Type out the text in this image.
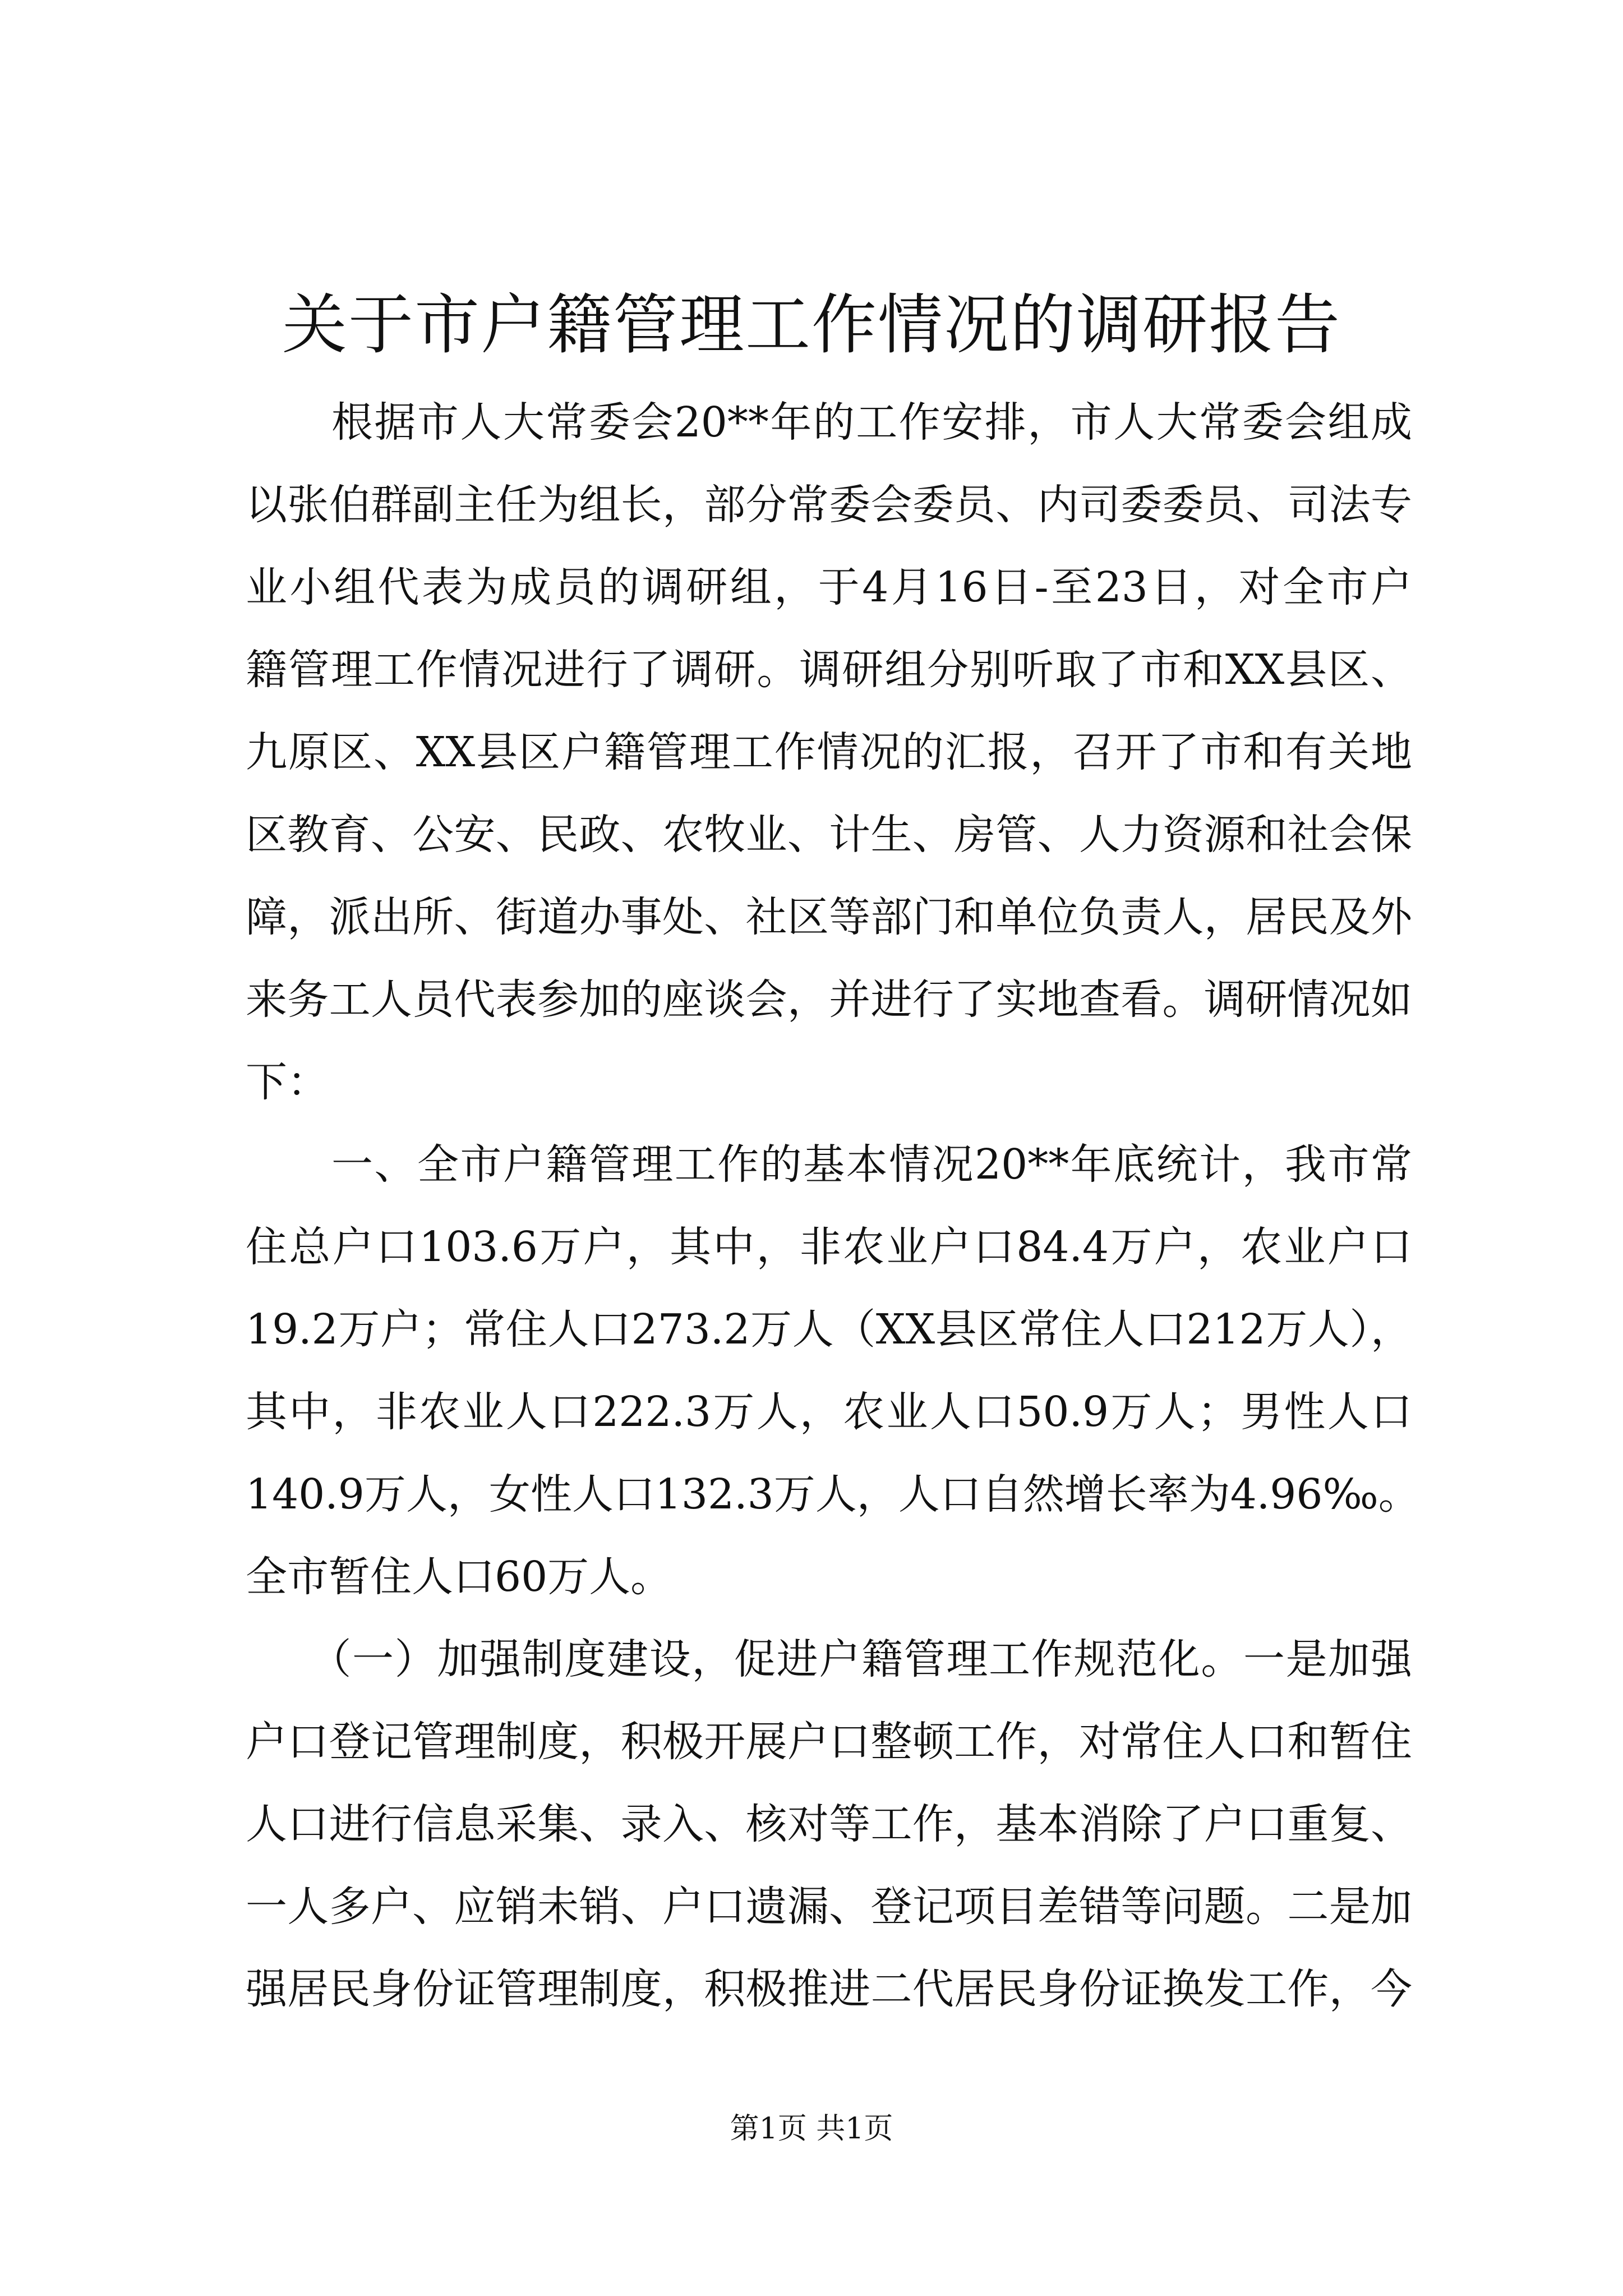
关于市户籍管理工作情况的调研报告
　　根据市人大常委会20**年的工作安排，市人大常委会组成
以张伯群副主任为组长，部分常委会委员、内司委委员、司法专
业小组代表为成员的调研组，于4月16日-至23日，对全市户
籍管理工作情况进行了调研。调研组分别听取了市和XX县区、
九原区、XX县区户籍管理工作情况的汇报，召开了市和有关地
区教育、公安、民政、农牧业、计生、房管、人力资源和社会保
障，派出所、街道办事处、社区等部门和单位负责人，居民及外
来务工人员代表参加的座谈会，并进行了实地查看。调研情况如
下：
　　一、全市户籍管理工作的基本情况20**年底统计，我市常
住总户口103.6万户，其中，非农业户口84.4万户，农业户口
19.2万户；常住人口273.2万人（XX县区常住人口212万人），
其中，非农业人口222.3万人，农业人口50.9万人；男性人口
140.9万人，女性人口132.3万人，人口自然增长率为4.96‰。
全市暂住人口60万人。
　　（一）加强制度建设，促进户籍管理工作规范化。一是加强
户口登记管理制度，积极开展户口整顿工作，对常住人口和暂住
人口进行信息采集、录入、核对等工作，基本消除了户口重复、
一人多户、应销未销、户口遗漏、登记项目差错等问题。二是加
强居民身份证管理制度，积极推进二代居民身份证换发工作，今
第1页 共1页
